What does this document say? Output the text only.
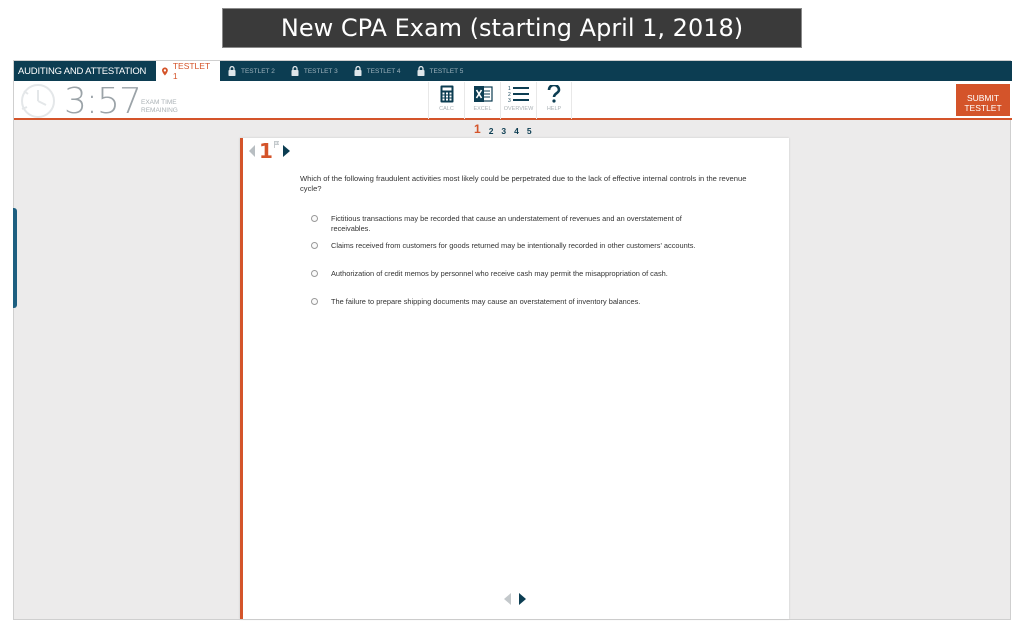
New CPA Exam (starting April 1, 2018)
AUDITING AND ATTESTATION	TESTLET 1	TESTLET 2	TESTLET 3	TESTLET 4	TESTLET 5
3:57 EXAM TIME
REMAINING	CALC	EXCEL
1
2
3
OVERVIEW HELP
SUBMIT
TESTLET
1 2 3 4 5
1
Which of the following fraudulent activities most likely could be perpetrated due to the lack of effective internal controls in the revenue cycle?
Fictitious transactions may be recorded that cause an understatement of revenues and an overstatement of receivables.
Claims received from customers for goods returned may be intentionally recorded in other customers' accounts.
Authorization of credit memos by personnel who receive cash may permit the misappropriation of cash.
The failure to prepare shipping documents may cause an overstatement of inventory balances.
